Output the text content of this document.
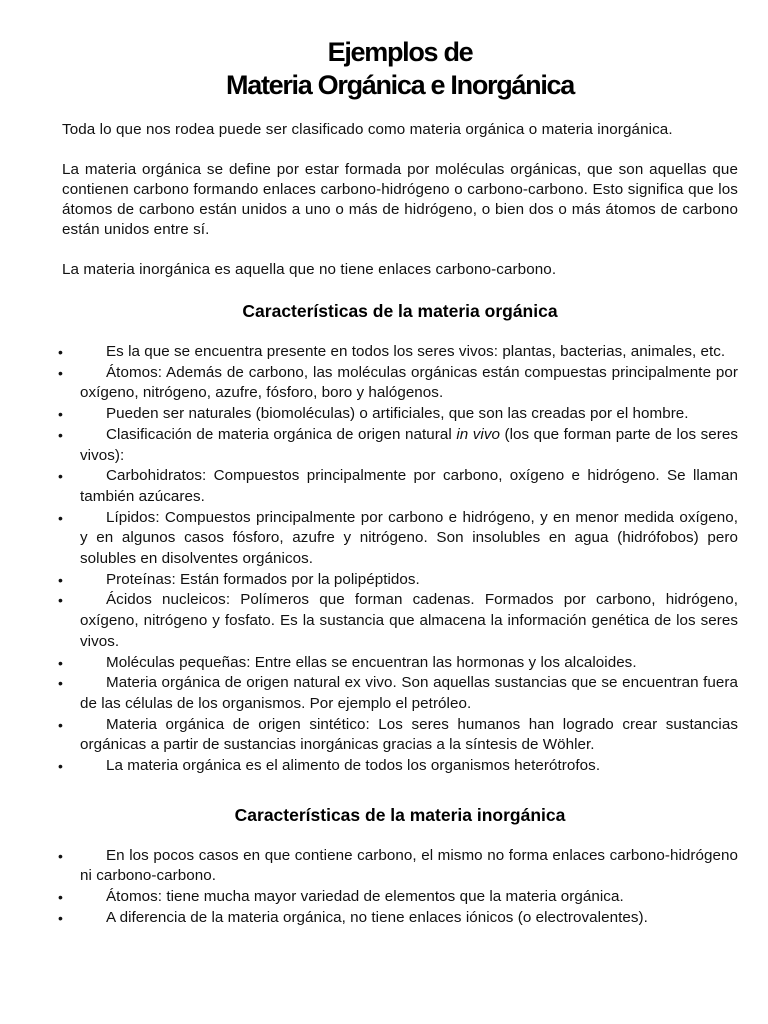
Ejemplos de
Materia Orgánica e Inorgánica

Toda lo que nos rodea puede ser clasificado como materia orgánica o materia inorgánica.

La materia orgánica se define por estar formada por moléculas orgánicas, que son aquellas que contienen carbono formando enlaces carbono-hidrógeno o carbono-carbono. Esto significa que los átomos de carbono están unidos a uno o más de hidrógeno, o bien dos o más átomos de carbono están unidos entre sí.

La materia inorgánica es aquella que no tiene enlaces carbono-carbono.

Características de la materia orgánica
•	Es la que se encuentra presente en todos los seres vivos: plantas, bacterias, animales, etc.
•	Átomos: Además de carbono, las moléculas orgánicas están compuestas principalmente por oxígeno, nitrógeno, azufre, fósforo, boro y halógenos.
•	Pueden ser naturales (biomoléculas) o artificiales, que son las creadas por el hombre.
•	Clasificación de materia orgánica de origen natural in vivo (los que forman parte de los seres vivos):
•	Carbohidratos: Compuestos principalmente por carbono, oxígeno e hidrógeno. Se llaman también azúcares.
•	Lípidos: Compuestos principalmente por carbono e hidrógeno, y en menor medida oxígeno, y en algunos casos fósforo, azufre y nitrógeno. Son insolubles en agua (hidrófobos) pero solubles en disolventes orgánicos.
•	Proteínas: Están formados por la polipéptidos.
•	Ácidos nucleicos: Polímeros que forman cadenas. Formados por carbono, hidrógeno, oxígeno, nitrógeno y fosfato. Es la sustancia que almacena la información genética de los seres vivos.
•	Moléculas pequeñas: Entre ellas se encuentran las hormonas y los alcaloides.
•	Materia orgánica de origen natural ex vivo. Son aquellas sustancias que se encuentran fuera de las células de los organismos. Por ejemplo el petróleo.
•	Materia orgánica de origen sintético: Los seres humanos han logrado crear sustancias orgánicas a partir de sustancias inorgánicas gracias a la síntesis de Wöhler.
•	La materia orgánica es el alimento de todos los organismos heterótrofos.
Características de la materia inorgánica
•	En los pocos casos en que contiene carbono, el mismo no forma enlaces carbono-hidrógeno ni carbono-carbono.
•	Átomos: tiene mucha mayor variedad de elementos que la materia orgánica.
•	A diferencia de la materia orgánica, no tiene enlaces iónicos (o electrovalentes).
